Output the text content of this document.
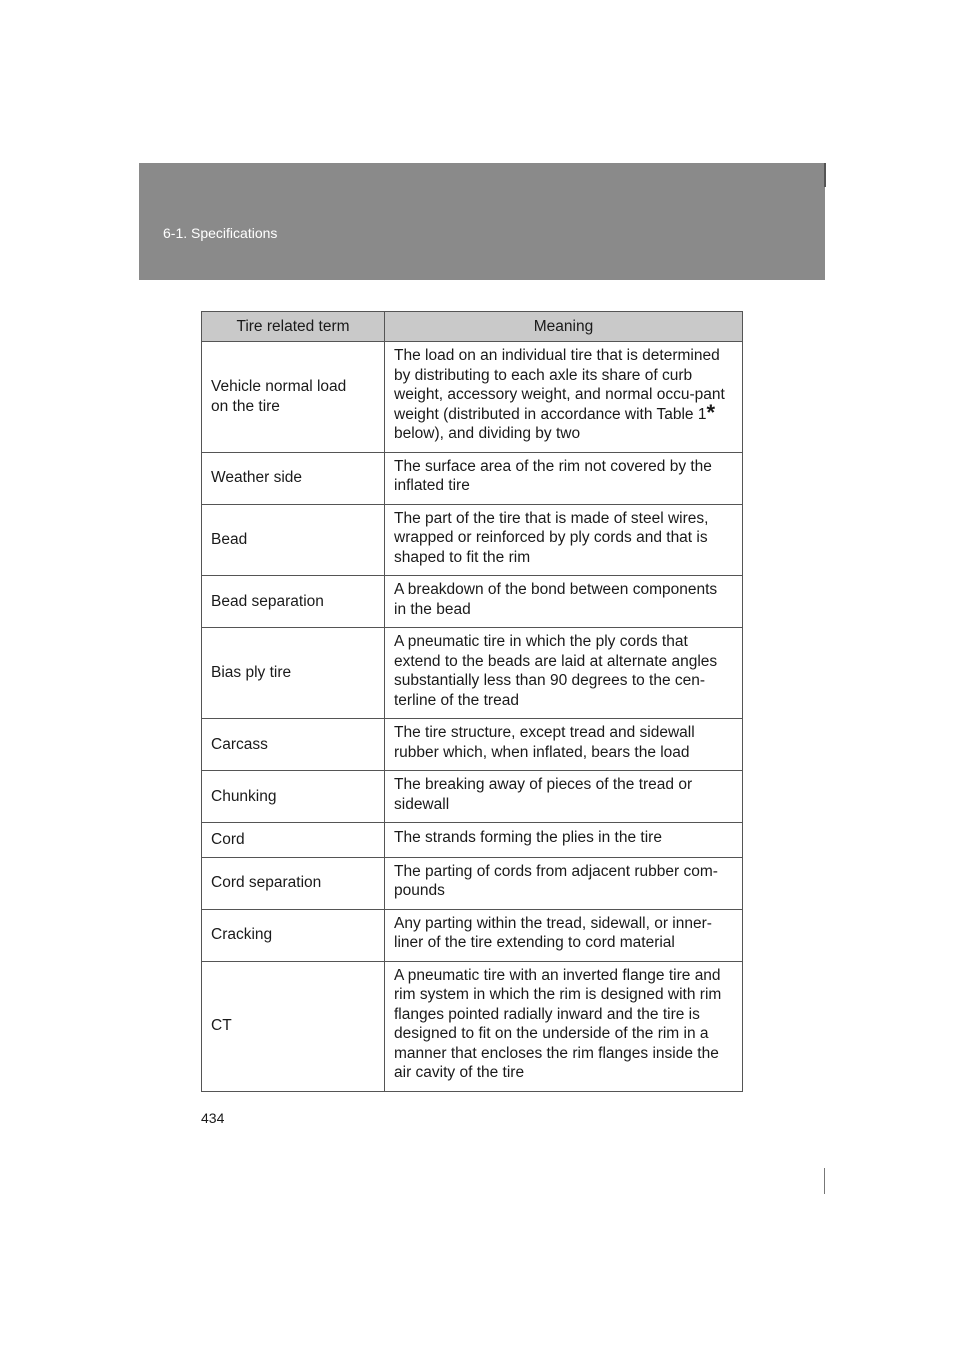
6-1. Specifications
Tire related term	Meaning

Vehicle normal load on the tire	The load on an individual tire that is determined by distributing to each axle its share of curb weight, accessory weight, and normal occu-pant weight (distributed in accordance with Table 1* below), and dividing by two
Weather side	The surface area of the rim not covered by the inflated tire
Bead	The part of the tire that is made of steel wires, wrapped or reinforced by ply cords and that is shaped to fit the rim
Bead separation	A breakdown of the bond between components in the bead
Bias ply tire	A pneumatic tire in which the ply cords that extend to the beads are laid at alternate angles substantially less than 90 degrees to the cen-terline of the tread
Carcass	The tire structure, except tread and sidewall rubber which, when inflated, bears the load
Chunking	The breaking away of pieces of the tread or sidewall
Cord	The strands forming the plies in the tire
Cord separation	The parting of cords from adjacent rubber com-pounds
Cracking	Any parting within the tread, sidewall, or inner-liner of the tire extending to cord material
CT	A pneumatic tire with an inverted flange tire and rim system in which the rim is designed with rim flanges pointed radially inward and the tire is designed to fit on the underside of the rim in a manner that encloses the rim flanges inside the air cavity of the tire
434
